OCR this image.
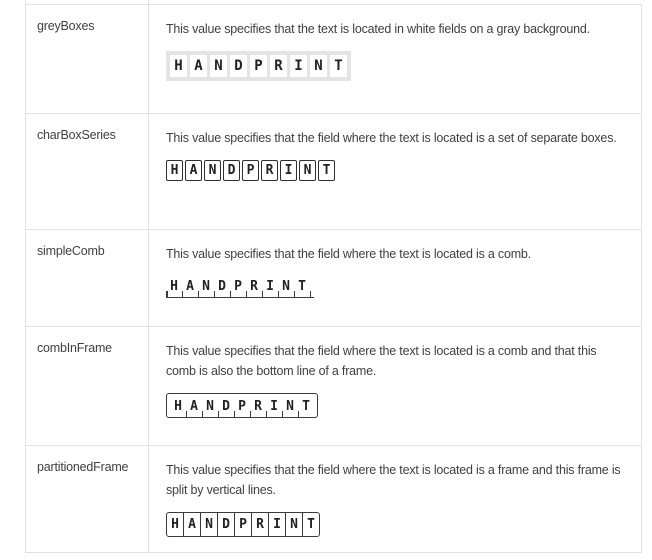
greyBoxes	This value specifies that the text is located in white fields on a gray background.

H A N D P R I N T
charBoxSeries	This value specifies that the field where the text is located is a set of separate boxes.

H A N D P R I N T
simpleComb	This value specifies that the field where the text is located is a comb.

H A N D P R I N T
combInFrame	This value specifies that the field where the text is located is a comb and that this comb is also the bottom line of a frame.

H A N D P R I N T
partitionedFrame	This value specifies that the field where the text is located is a frame and this frame is split by vertical lines.

H A N D P R I N T
